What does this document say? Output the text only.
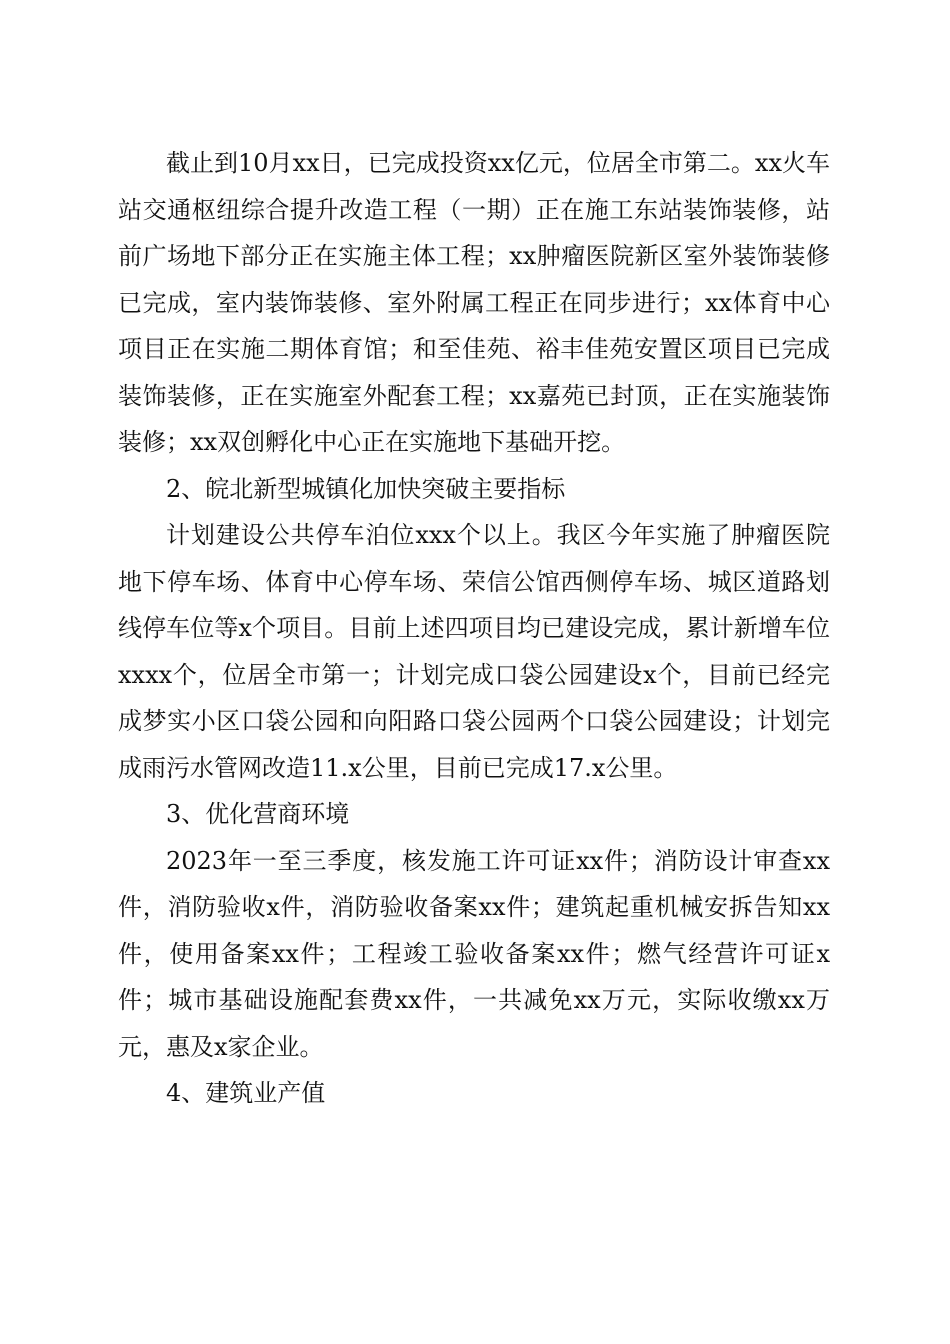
截止到10月xx日，已完成投资xx亿元，位居全市第二。xx火车站交通枢纽综合提升改造工程（一期）正在施工东站装饰装修，站前广场地下部分正在实施主体工程；xx肿瘤医院新区室外装饰装修已完成，室内装饰装修、室外附属工程正在同步进行；xx体育中心项目正在实施二期体育馆；和至佳苑、裕丰佳苑安置区项目已完成装饰装修，正在实施室外配套工程；xx嘉苑已封顶，正在实施装饰装修；xx双创孵化中心正在实施地下基础开挖。

2、皖北新型城镇化加快突破主要指标

计划建设公共停车泊位xxx个以上。我区今年实施了肿瘤医院地下停车场、体育中心停车场、荣信公馆西侧停车场、城区道路划线停车位等x个项目。目前上述四项目均已建设完成，累计新增车位xxxx个，位居全市第一；计划完成口袋公园建设x个，目前已经完成梦实小区口袋公园和向阳路口袋公园两个口袋公园建设；计划完成雨污水管网改造11.x公里，目前已完成17.x公里。

3、优化营商环境

2023年一至三季度，核发施工许可证xx件；消防设计审查xx件，消防验收x件，消防验收备案xx件；建筑起重机械安拆告知xx件，使用备案xx件；工程竣工验收备案xx件；燃气经营许可证x件；城市基础设施配套费xx件，一共减免xx万元，实际收缴xx万元，惠及x家企业。

4、建筑业产值
